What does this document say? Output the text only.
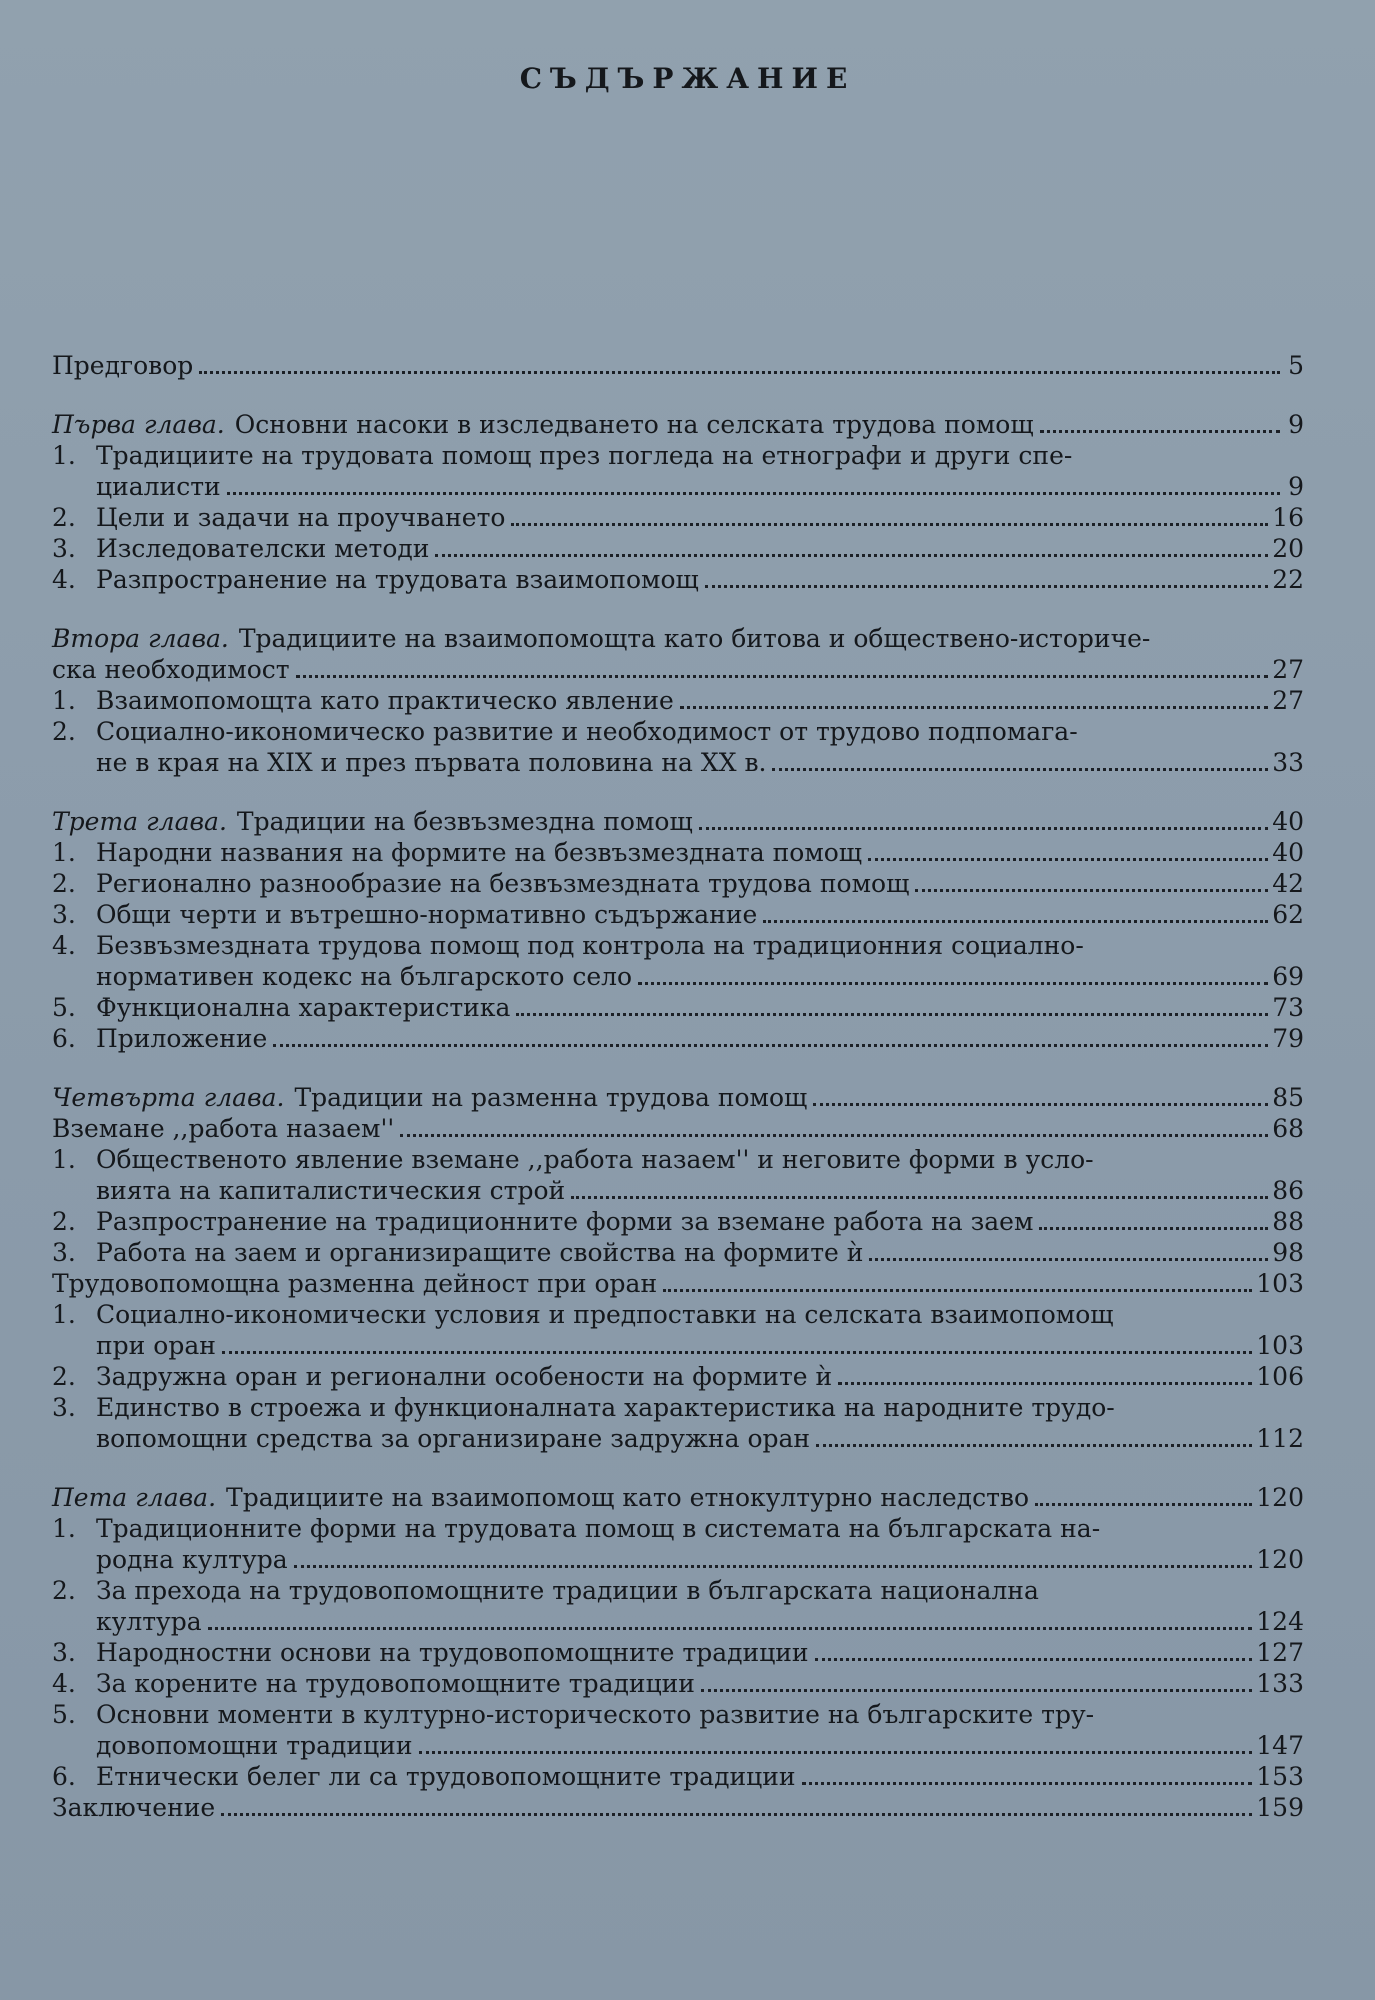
СЪДЪРЖАНИЕ
Предговор	5
Първа глава. Основни насоки в изследването на селската трудова помощ	9
1. Традициите на трудовата помощ през погледа на етнографи и други спе-
циалисти	9
2. Цели и задачи на проучването	16
3. Изследователски методи	20
4. Разпространение на трудовата взаимопомощ	22
Втора глава. Традициите на взаимопомощта като битова и обществено-историче-
ска необходимост	27
1. Взаимопомощта като практическо явление	27
2. Социално-икономическо развитие и необходимост от трудово подпомага-
не в края на XIX и през първата половина на XX в.	33
Трета глава. Традиции на безвъзмездна помощ	40
1. Народни названия на формите на безвъзмездната помощ	40
2. Регионално разнообразие на безвъзмездната трудова помощ	42
3. Общи черти и вътрешно-нормативно съдържание	62
4. Безвъзмездната трудова помощ под контрола на традиционния социално-
нормативен кодекс на българското село	69
5. Функционална характеристика	73
6. Приложение	79
Четвърта глава. Традиции на разменна трудова помощ	85
Вземане ,,работа назаем''	68
1. Общественото явление вземане ,,работа назаем'' и неговите форми в усло-
вията на капиталистическия строй	86
2. Разпространение на традиционните форми за вземане работа на заем	88
3. Работа на заем и организиращите свойства на формите ѝ	98
Трудовопомощна разменна дейност при оран	103
1. Социално-икономически условия и предпоставки на селската взаимопомощ
при оран	103
2. Задружна оран и регионални особености на формите ѝ	106
3. Единство в строежа и функционалната характеристика на народните трудо-
вопомощни средства за организиране задружна оран	112
Пета глава. Традициите на взаимопомощ като етнокултурно наследство	120
1. Традиционните форми на трудовата помощ в системата на българската на-
родна култура	120
2. За прехода на трудовопомощните традиции в българската национална
култура	124
3. Народностни основи на трудовопомощните традиции	127
4. За корените на трудовопомощните традиции	133
5. Основни моменти в културно-историческото развитие на българските тру-
довопомощни традиции	147
6. Етнически белег ли са трудовопомощните традиции	153
Заключение	159
